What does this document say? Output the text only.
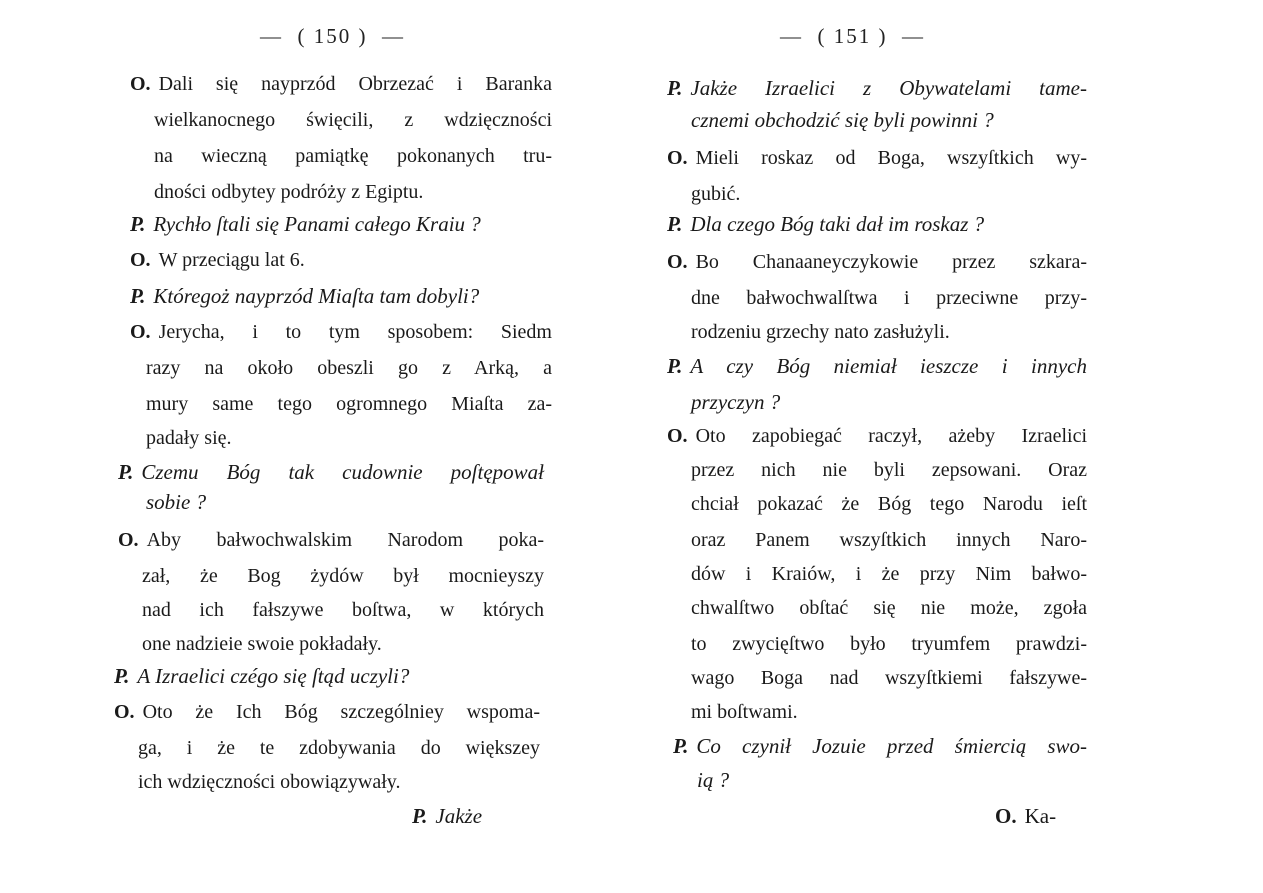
—  ( 150 )  —
O. Dali się nayprzód Obrzezać i Baranka
wielkanocnego święcili, z wdzięczności
na wieczną pamiątkę pokonanych tru-
dności odbytey podróży z Egiptu.
P. Rychło ſtali się Panami całego Kraiu ?
O. W przeciągu lat 6.
P. Któregoż nayprzód Miaſta tam dobyli?
O. Jerycha, i to tym sposobem: Siedm
razy na około obeszli go z Arką, a
mury same tego ogromnego Miaſta za-
padały się.
P. Czemu Bóg tak cudownie poſtępował
sobie ?
O. Aby bałwochwalskim Narodom poka-
zał, że Bog żydów był mocnieyszy
nad ich fałszywe boſtwa, w których
one nadzieie swoie pokładały.
P. A Izraelici czégo się ſtąd uczyli?
O. Oto że Ich Bóg szczególniey wspoma-
ga, i że te zdobywania do większey
ich wdzięczności obowiązywały.
P. Jakże
—  ( 151 )  —
P. Jakże Izraelici z Obywatelami tame-
cznemi obchodzić się byli powinni ?
O. Mieli roskaz od Boga, wszyſtkich wy-
gubić.
P. Dla czego Bóg taki dał im roskaz ?
O. Bo Chanaaneyczykowie przez szkara-
dne bałwochwalſtwa i przeciwne przy-
rodzeniu grzechy nato zasłużyli.
P. A czy Bóg niemiał ieszcze i innych
przyczyn ?
O. Oto zapobiegać raczył, ażeby Izraelici
przez nich nie byli zepsowani. Oraz
chciał pokazać że Bóg tego Narodu ieſt
oraz Panem wszyſtkich innych Naro-
dów i Kraiów, i że przy Nim bałwo-
chwalſtwo obſtać się nie może, zgoła
to zwycięſtwo było tryumfem prawdzi-
wago Boga nad wszyſtkiemi fałszywe-
mi boſtwami.
P. Co czynił Jozuie przed śmiercią swo-
ią ?
O. Ka-
